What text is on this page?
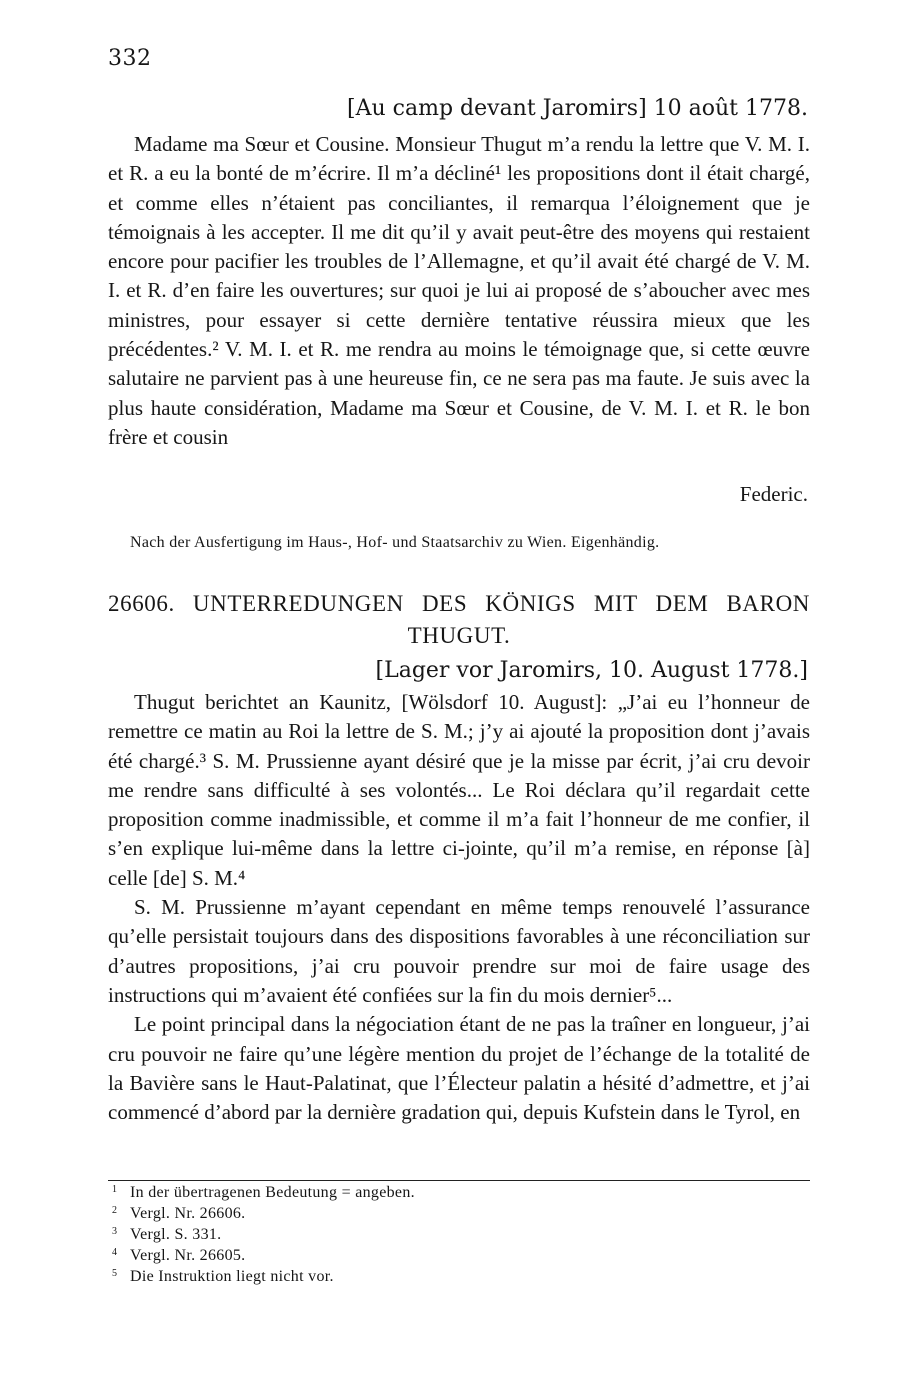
332
[Au camp devant Jaromirs] 10 août 1778.

Madame ma Sœur et Cousine. Monsieur Thugut m’a rendu la lettre que V. M. I. et R. a eu la bonté de m’écrire. Il m’a décliné¹ les propositions dont il était chargé, et comme elles n’étaient pas conciliantes, il remarqua l’éloignement que je témoignais à les accepter. Il me dit qu’il y avait peut-être des moyens qui restaient encore pour pacifier les troubles de l’Allemagne, et qu’il avait été chargé de V. M. I. et R. d’en faire les ouvertures; sur quoi je lui ai proposé de s’aboucher avec mes ministres, pour essayer si cette dernière tentative réussira mieux que les précédentes.² V. M. I. et R. me rendra au moins le témoignage que, si cette œuvre salutaire ne parvient pas à une heureuse fin, ce ne sera pas ma faute. Je suis avec la plus haute considération, Madame ma Sœur et Cousine, de V. M. I. et R. le bon frère et cousin

Federic.
Nach der Ausfertigung im Haus-, Hof- und Staatsarchiv zu Wien. Eigenhändig.
26606. UNTERREDUNGEN DES KÖNIGS MIT DEM BARON
THUGUT.
[Lager vor Jaromirs, 10. August 1778.]

Thugut berichtet an Kaunitz, [Wölsdorf 10. August]: „J’ai eu l’honneur de remettre ce matin au Roi la lettre de S. M.; j’y ai ajouté la proposition dont j’avais été chargé.³ S. M. Prussienne ayant désiré que je la misse par écrit, j’ai cru devoir me rendre sans difficulté à ses volontés... Le Roi déclara qu’il regardait cette proposition comme inadmissible, et comme il m’a fait l’honneur de me confier, il s’en explique lui-même dans la lettre ci-jointe, qu’il m’a remise, en réponse [à] celle [de] S. M.⁴

S. M. Prussienne m’ayant cependant en même temps renouvelé l’assurance qu’elle persistait toujours dans des dispositions favorables à une réconciliation sur d’autres propositions, j’ai cru pouvoir prendre sur moi de faire usage des instructions qui m’avaient été confiées sur la fin du mois dernier⁵...

Le point principal dans la négociation étant de ne pas la traîner en longueur, j’ai cru pouvoir ne faire qu’une légère mention du projet de l’échange de la totalité de la Bavière sans le Haut-Palatinat, que l’Électeur palatin a hésité d’admettre, et j’ai commencé d’abord par la dernière gradation qui, depuis Kufstein dans le Tyrol, en

1 In der übertragenen Bedeutung = angeben.
2 Vergl. Nr. 26606.
3 Vergl. S. 331.
4 Vergl. Nr. 26605.
5 Die Instruktion liegt nicht vor.
